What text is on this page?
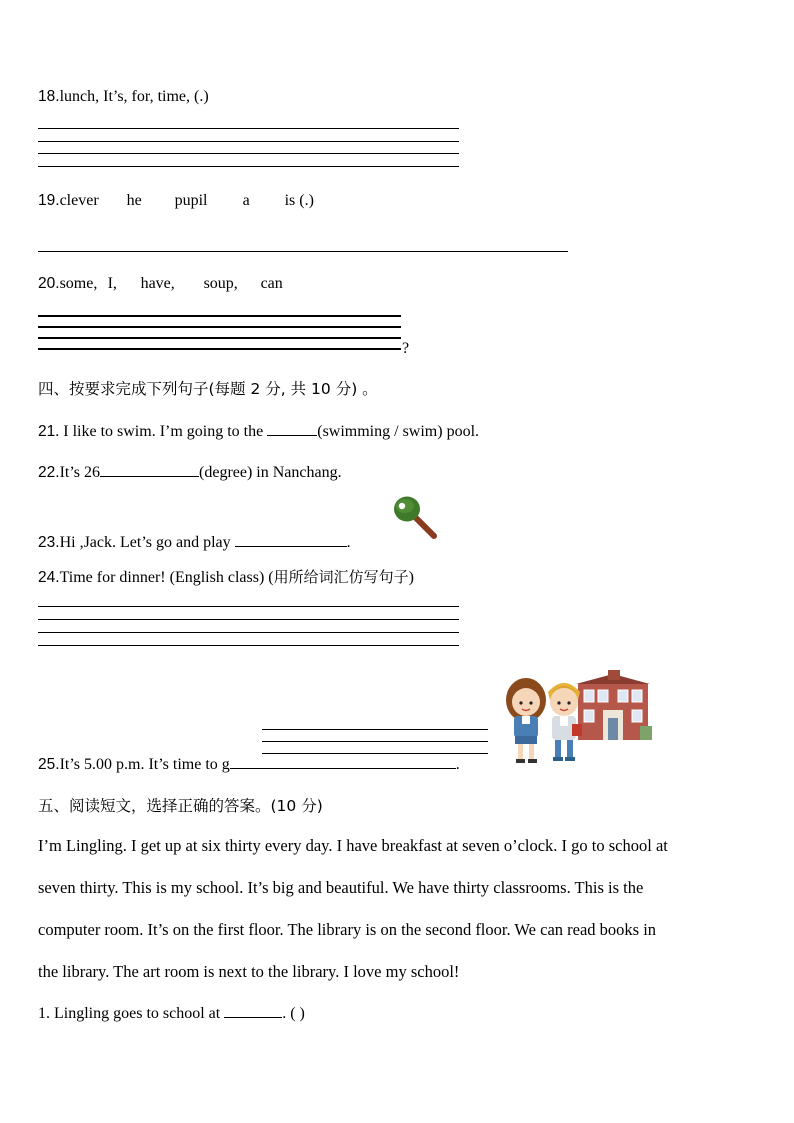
18.lunch, It’s, for, time, (.)
19.clever he pupil a is (.)
20.some, I, have, soup, can
?
四、按要求完成下列句子(每题 2 分, 共 10 分) 。
21. I like to swim. I’m going to the	(swimming / swim) pool.
22.It’s 26	(degree) in Nanchang.
23.Hi ,Jack. Let’s go and play	.
24.Time for dinner! (English class) (用所给词汇仿写句子)
25.It’s 5.00 p.m. It’s time to g	.
五、阅读短文，选择正确的答案。(10 分)
I’m Lingling. I get up at six thirty every day. I have breakfast at seven o’clock. I go to school at
seven thirty. This is my school. It’s big and beautiful. We have thirty classrooms. This is the
computer room. It’s on the first floor. The library is on the second floor. We can read books in
the library. The art room is next to the library. I love my school!
1. Lingling goes to school at	. ( )
